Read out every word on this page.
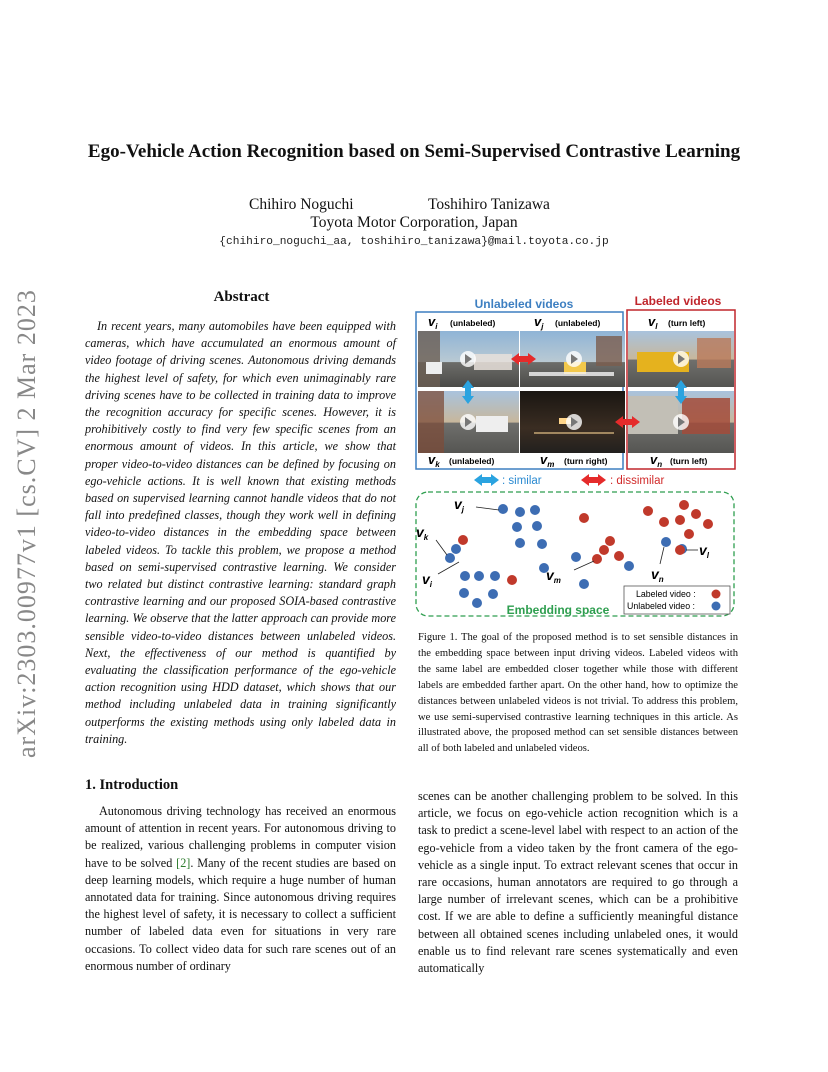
arXiv:2303.00977v1 [cs.CV] 2 Mar 2023
Ego-Vehicle Action Recognition based on Semi-Supervised Contrastive Learning
Chihiro Noguchi	Toshihiro Tanizawa
Toyota Motor Corporation, Japan
{chihiro_noguchi_aa, toshihiro_tanizawa}@mail.toyota.co.jp
Abstract

In recent years, many automobiles have been equipped with cameras, which have accumulated an enormous amount of video footage of driving scenes. Autonomous driving demands the highest level of safety, for which even unimaginably rare driving scenes have to be collected in training data to improve the recognition accuracy for specific scenes. However, it is prohibitively costly to find very few specific scenes from an enormous amount of videos. In this article, we show that proper video-to-video distances can be defined by focusing on ego-vehicle actions. It is well known that existing methods based on supervised learning cannot handle videos that do not fall into predefined classes, though they work well in defining video-to-video distances in the embedding space between labeled videos. To tackle this problem, we propose a method based on semi-supervised contrastive learning. We consider two related but distinct contrastive learning: standard graph contrastive learning and our proposed SOIA-based contrastive learning. We observe that the latter approach can provide more sensible video-to-video distances between unlabeled videos. Next, the effectiveness of our method is quantified by evaluating the classification performance of the ego-vehicle action recognition using HDD dataset, which shows that our method including unlabeled data in training significantly outperforms the existing methods using only labeled data in training.

Unlabeled videos	Labeled videos
$v_i$ (unlabeled)	$v_j$ (unlabeled)	$v_l$ (turn left)
$v_k$ (unlabeled)	$v_m$ (turn right)	$v_n$ (turn left)
: similar	: dissimilar
Embedding space
$v_j$
$v_k$
$v_i$
$v_m$	$v_n$
$v_l$
Labeled video :
Unlabeled video :
Figure 1. The goal of the proposed method is to set sensible distances in the embedding space between input driving videos. Labeled videos with the same label are embedded closer together while those with different labels are embedded farther apart. On the other hand, how to optimize the distances between unlabeled videos is not trivial. To address this problem, we use semi-supervised contrastive learning techniques in this article. As illustrated above, the proposed method can set sensible distances between all of both labeled and unlabeled videos.
1. Introduction

Autonomous driving technology has received an enormous amount of attention in recent years. For autonomous driving to be realized, various challenging problems in computer vision have to be solved [2]. Many of the recent studies are based on deep learning models, which require a huge number of human annotated data for training. Since autonomous driving requires the highest level of safety, it is necessary to collect a sufficient number of labeled data even for situations in very rare occasions. To collect video data for such rare scenes out of an enormous number of ordinary

scenes can be another challenging problem to be solved. In this article, we focus on ego-vehicle action recognition which is a task to predict a scene-level label with respect to an action of the ego-vehicle from a video taken by the front camera of the ego-vehicle as a single input. To extract relevant scenes that occur in rare occasions, human annotators are required to go through a large number of irrelevant scenes, which can be a prohibitive cost. If we are able to define a sufficiently meaningful distance between all obtained scenes including unlabeled ones, it would enable us to find relevant rare scenes systematically and even automatically
